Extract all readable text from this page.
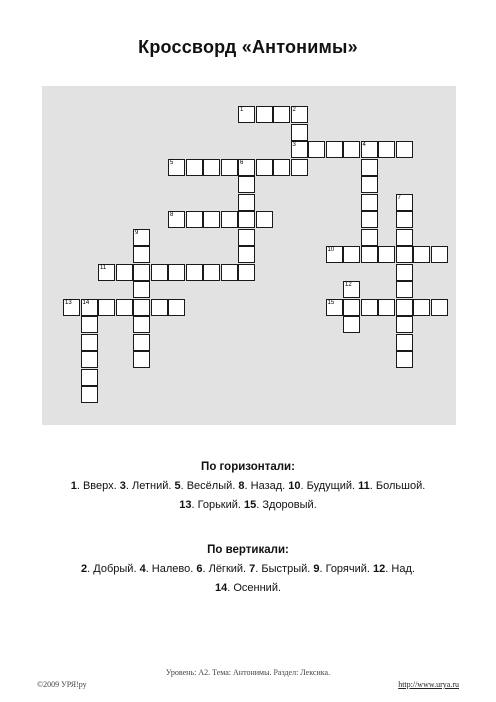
Кроссворд «Антонимы»
1	2
3	4
5	6
8
10
11
13 14	15
7
9
12
По горизонтали:
1. Вверх. 3. Летний. 5. Весёлый. 8. Назад. 10. Будущий. 11. Большой.
13. Горький. 15. Здоровый.
По вертикали:
2. Добрый. 4. Налево. 6. Лёгкий. 7. Быстрый. 9. Горячий. 12. Над.
14. Осенний.
Уровень: А2. Тема: Антонимы. Раздел: Лексика.
©2009 УРЯ!ру	http://www.urya.ru
